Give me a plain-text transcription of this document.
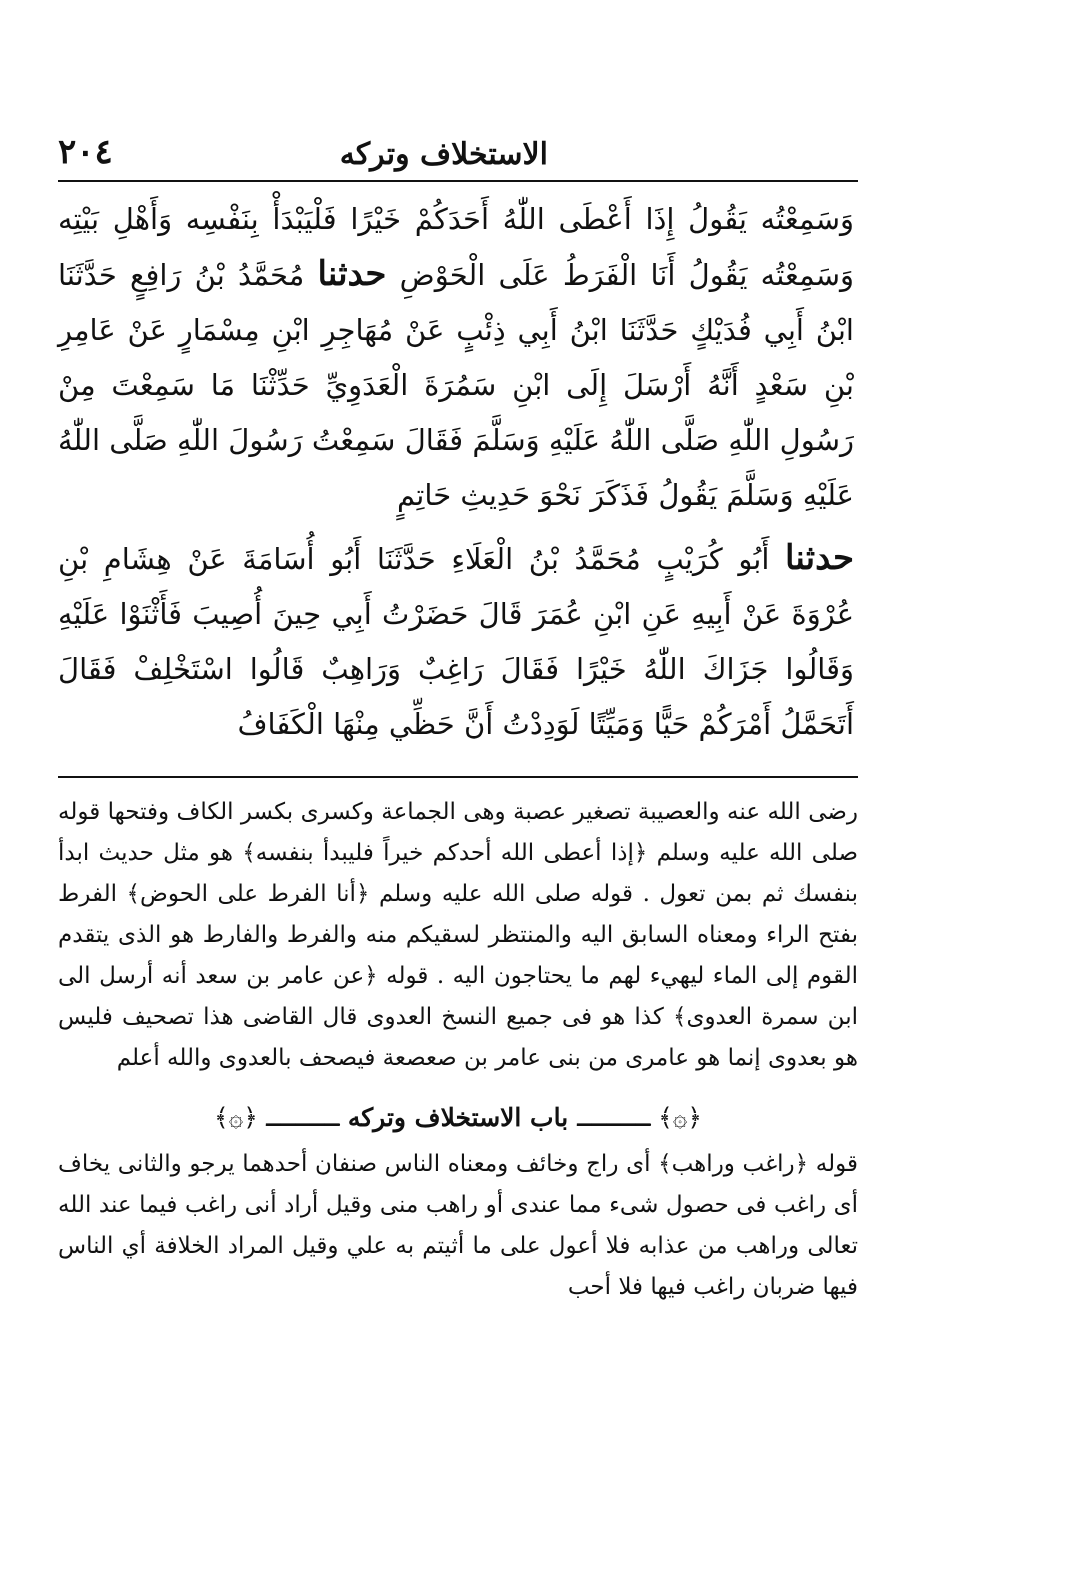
٢٠٤	الاستخلاف وتركه

وَسَمِعْتُه يَقُولُ إِذَا أَعْطَى اللّٰهُ أَحَدَكُمْ خَيْرًا فَلْيَبْدَأْ بِنَفْسِه وَأَهْلِ بَيْتِه وَسَمِعْتُه يَقُولُ أَنَا الْفَرَطُ عَلَى الْحَوْضِ حدثنا مُحَمَّدُ بْنُ رَافِعٍ حَدَّثَنَا ابْنُ أَبِي فُدَيْكٍ حَدَّثَنَا ابْنُ أَبِي ذِئْبٍ عَنْ مُهَاجِرِ ابْنِ مِسْمَارٍ عَنْ عَامِرِ بْنِ سَعْدٍ أَنَّهُ أَرْسَلَ إِلَى ابْنِ سَمُرَةَ الْعَدَوِيِّ حَدِّثْنَا مَا سَمِعْتَ مِنْ رَسُولِ اللّٰهِ صَلَّى اللّٰهُ عَلَيْهِ وَسَلَّمَ فَقَالَ سَمِعْتُ رَسُولَ اللّٰهِ صَلَّى اللّٰهُ عَلَيْهِ وَسَلَّمَ يَقُولُ فَذَكَرَ نَحْوَ حَدِيثِ حَاتِمٍ

حدثنا أَبُو كُرَيْبٍ مُحَمَّدُ بْنُ الْعَلَاءِ حَدَّثَنَا أَبُو أُسَامَةَ عَنْ هِشَامِ بْنِ عُرْوَةَ عَنْ أَبِيهِ عَنِ ابْنِ عُمَرَ قَالَ حَضَرْتُ أَبِي حِينَ أُصِيبَ فَأَثْنَوْا عَلَيْهِ وَقَالُوا جَزَاكَ اللّٰهُ خَيْرًا فَقَالَ رَاغِبٌ وَرَاهِبٌ قَالُوا اسْتَخْلِفْ فَقَالَ أَتَحَمَّلُ أَمْرَكُمْ حَيًّا وَمَيِّتًا لَوَدِدْتُ أَنَّ حَظِّي مِنْهَا الْكَفَافُ

رضى الله عنه والعصيبة تصغير عصبة وهى الجماعة وكسرى بكسر الكاف وفتحها قوله صلى الله عليه وسلم ﴿إذا أعطى الله أحدكم خيراً فليبدأ بنفسه﴾ هو مثل حديث ابدأ بنفسك ثم بمن تعول . قوله صلى الله عليه وسلم ﴿أنا الفرط على الحوض﴾ الفرط بفتح الراء ومعناه السابق اليه والمنتظر لسقيكم منه والفرط والفارط هو الذى يتقدم القوم إلى الماء ليهيء لهم ما يحتاجون اليه . قوله ﴿عن عامر بن سعد أنه أرسل الى ابن سمرة العدوى﴾ كذا هو فى جميع النسخ العدوى قال القاضى هذا تصحيف فليس هو بعدوى إنما هو عامرى من بنى عامر بن صعصعة فيصحف بالعدوى والله أعلم

﴿۞﴾ ـــــ باب الاستخلاف وتركه ـــــ ﴿۞﴾

قوله ﴿راغب وراهب﴾ أى راج وخائف ومعناه الناس صنفان أحدهما يرجو والثانى يخاف أى راغب فى حصول شىء مما عندى أو راهب منى وقيل أراد أنى راغب فيما عند الله تعالى وراهب من عذابه فلا أعول على ما أثيتم به علي وقيل المراد الخلافة أي الناس فيها ضربان راغب فيها فلا أحب
